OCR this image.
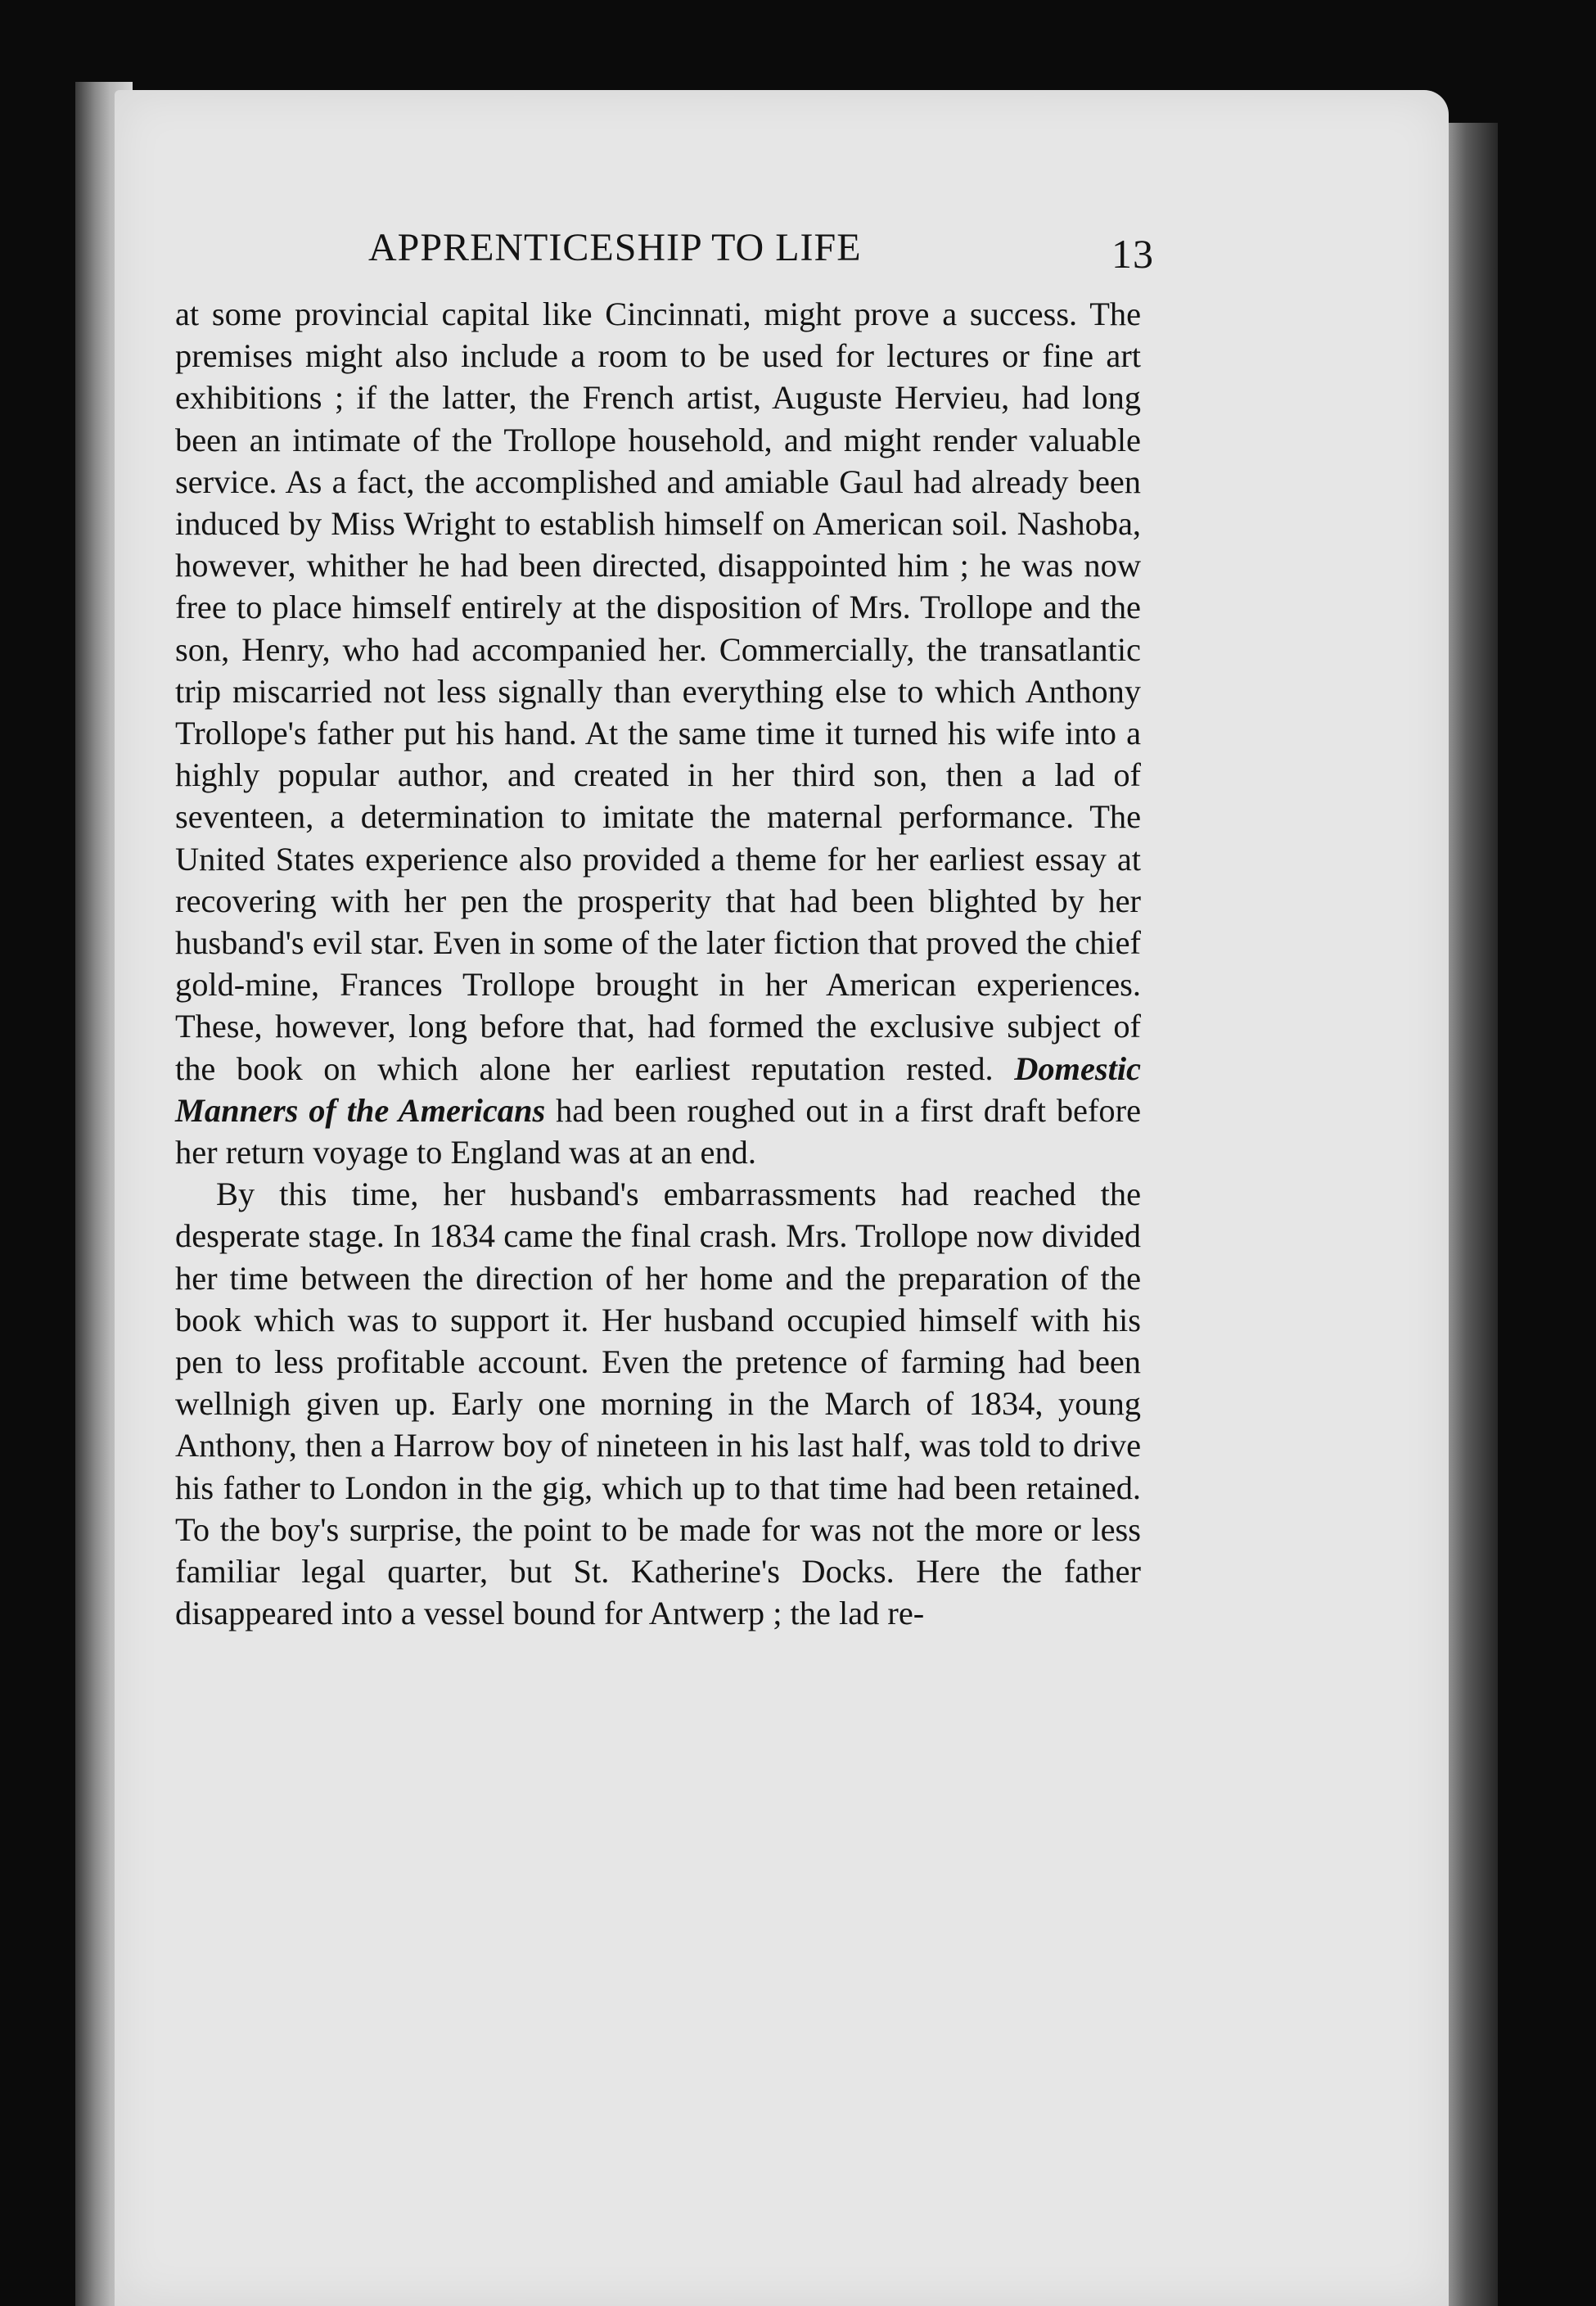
APPRENTICESHIP TO LIFE	13

at some provincial capital like Cincinnati, might prove a success. The premises might also include a room to be used for lectures or fine art exhibitions ; if the latter, the French artist, Auguste Hervieu, had long been an intimate of the Trollope household, and might render valuable service. As a fact, the accomplished and amiable Gaul had already been induced by Miss Wright to establish himself on American soil. Nashoba, however, whither he had been directed, disappointed him ; he was now free to place himself entirely at the disposition of Mrs. Trollope and the son, Henry, who had accompanied her. Commercially, the transatlantic trip miscarried not less signally than everything else to which Anthony Trollope's father put his hand. At the same time it turned his wife into a highly popular author, and created in her third son, then a lad of seventeen, a determination to imitate the maternal performance. The United States experience also provided a theme for her earliest essay at recovering with her pen the prosperity that had been blighted by her husband's evil star. Even in some of the later fiction that proved the chief gold-mine, Frances Trollope brought in her American experiences. These, however, long before that, had formed the exclusive subject of the book on which alone her earliest reputation rested. Domestic Manners of the Americans had been roughed out in a first draft before her return voyage to England was at an end.

By this time, her husband's embarrassments had reached the desperate stage. In 1834 came the final crash. Mrs. Trollope now divided her time between the direction of her home and the preparation of the book which was to support it. Her husband occupied himself with his pen to less profitable account. Even the pretence of farming had been wellnigh given up. Early one morning in the March of 1834, young Anthony, then a Harrow boy of nineteen in his last half, was told to drive his father to London in the gig, which up to that time had been retained. To the boy's surprise, the point to be made for was not the more or less familiar legal quarter, but St. Katherine's Docks. Here the father disappeared into a vessel bound for Antwerp ; the lad re-
